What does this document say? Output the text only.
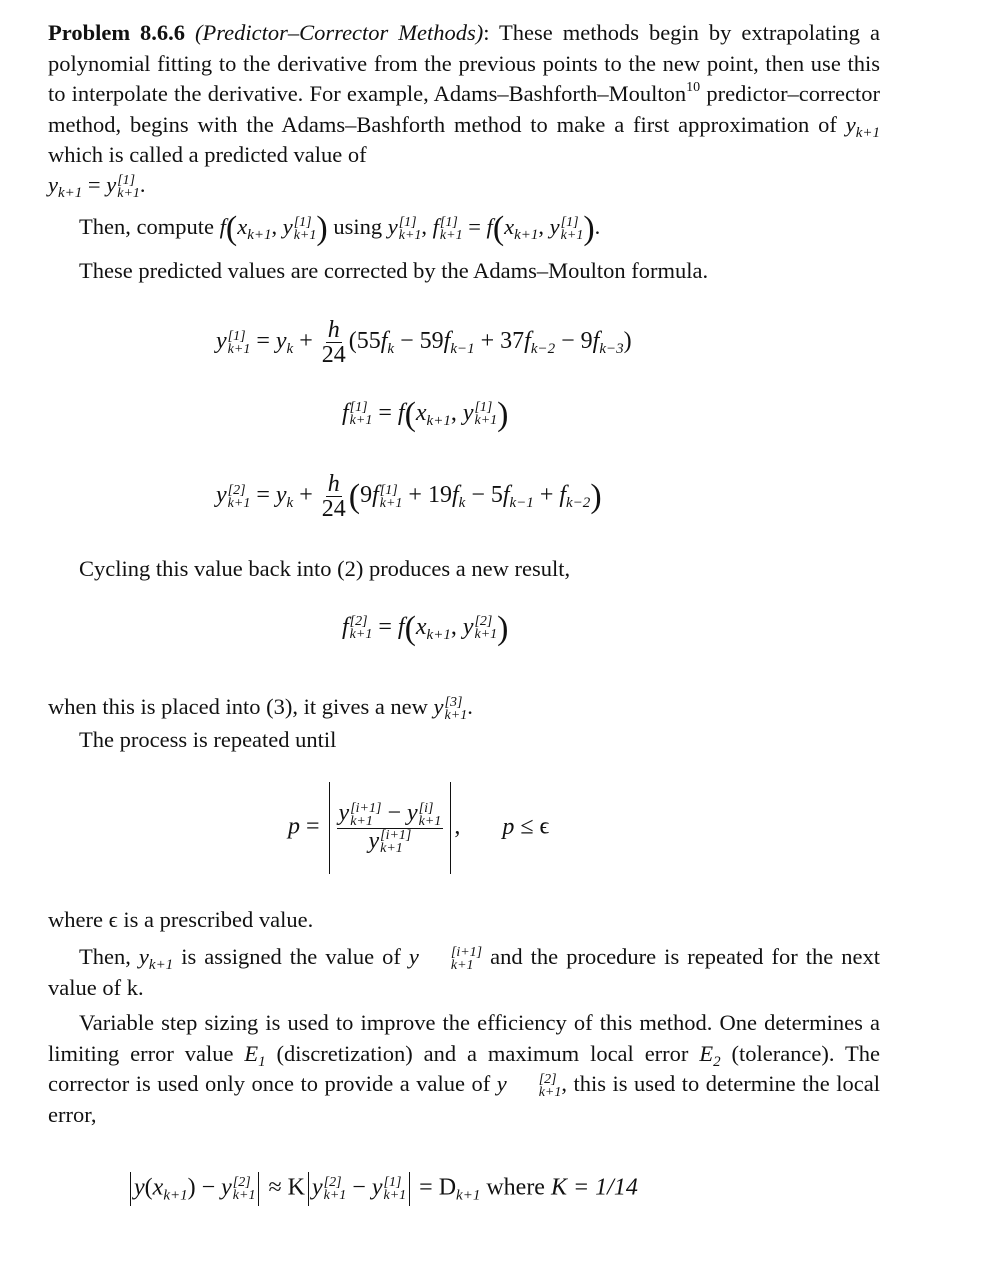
Problem 8.6.6 (Predictor–Corrector Methods): These methods begin by extrapolating a polynomial fitting to the derivative from the previous points to the new point, then use this to interpolate the derivative. For example, Adams–Bashforth–Moulton$^{10}$ predictor–corrector method, begins with the Adams–Bashforth method to make a first approximation of $y_{k+1}$ which is called a predicted value of
$y_{k+1} = y$ [1]
k+1 .
Then, compute $f(x_{k+1}$, y [1]
k+1 ) using y [1]
k+1 , f [1]
$k+1 = f(x_{k+1}$, y [1]
k+1 ).
These predicted values are corrected by the Adams–Moulton formula.
y [1]
$k+1 = y_k + \frac{h}{24} (55f_k - 59f_{k-1} + 37f_{k-2} - 9f_{k-3})$
f [1]
$k+1 = f(x_{k+1}$, y [1]
k+1 )
y [2]
$k+1 = y_k + \frac{h}{24} (9f$ [1]
$k+1 + 19f_k - 5f_{k-1} + f_{k-2}$)
Cycling this value back into (2) produces a new result,
f [2]
$k+1 = f(x_{k+1}$, y [2]
k+1 )
when this is placed into (3), it gives a new y [3]
k+1 .
The process is repeated until
p = y [i+1]
k+1 − y [i]
k+1
y [i+1]
k+1 , p ≤ ϵ
where ϵ is a prescribed value.
Then, $y_{k+1}$ is assigned the value of y	[i+1]
k+1 and the procedure is repeated for the next value of k.
Variable step sizing is used to improve the efficiency of this method. One determines a limiting error value $E_1$ (discretization) and a maximum local error $E_2$ (tolerance). The corrector is used only once to provide a value of y	[2]
k+1 , this is used to determine the local error,
$y(x_{k+1}) - y$ [2]
k+1 ≈ K y [2]
k+1 − y [1]
$k+1 = D_{k+1}$ where K = 1/14
